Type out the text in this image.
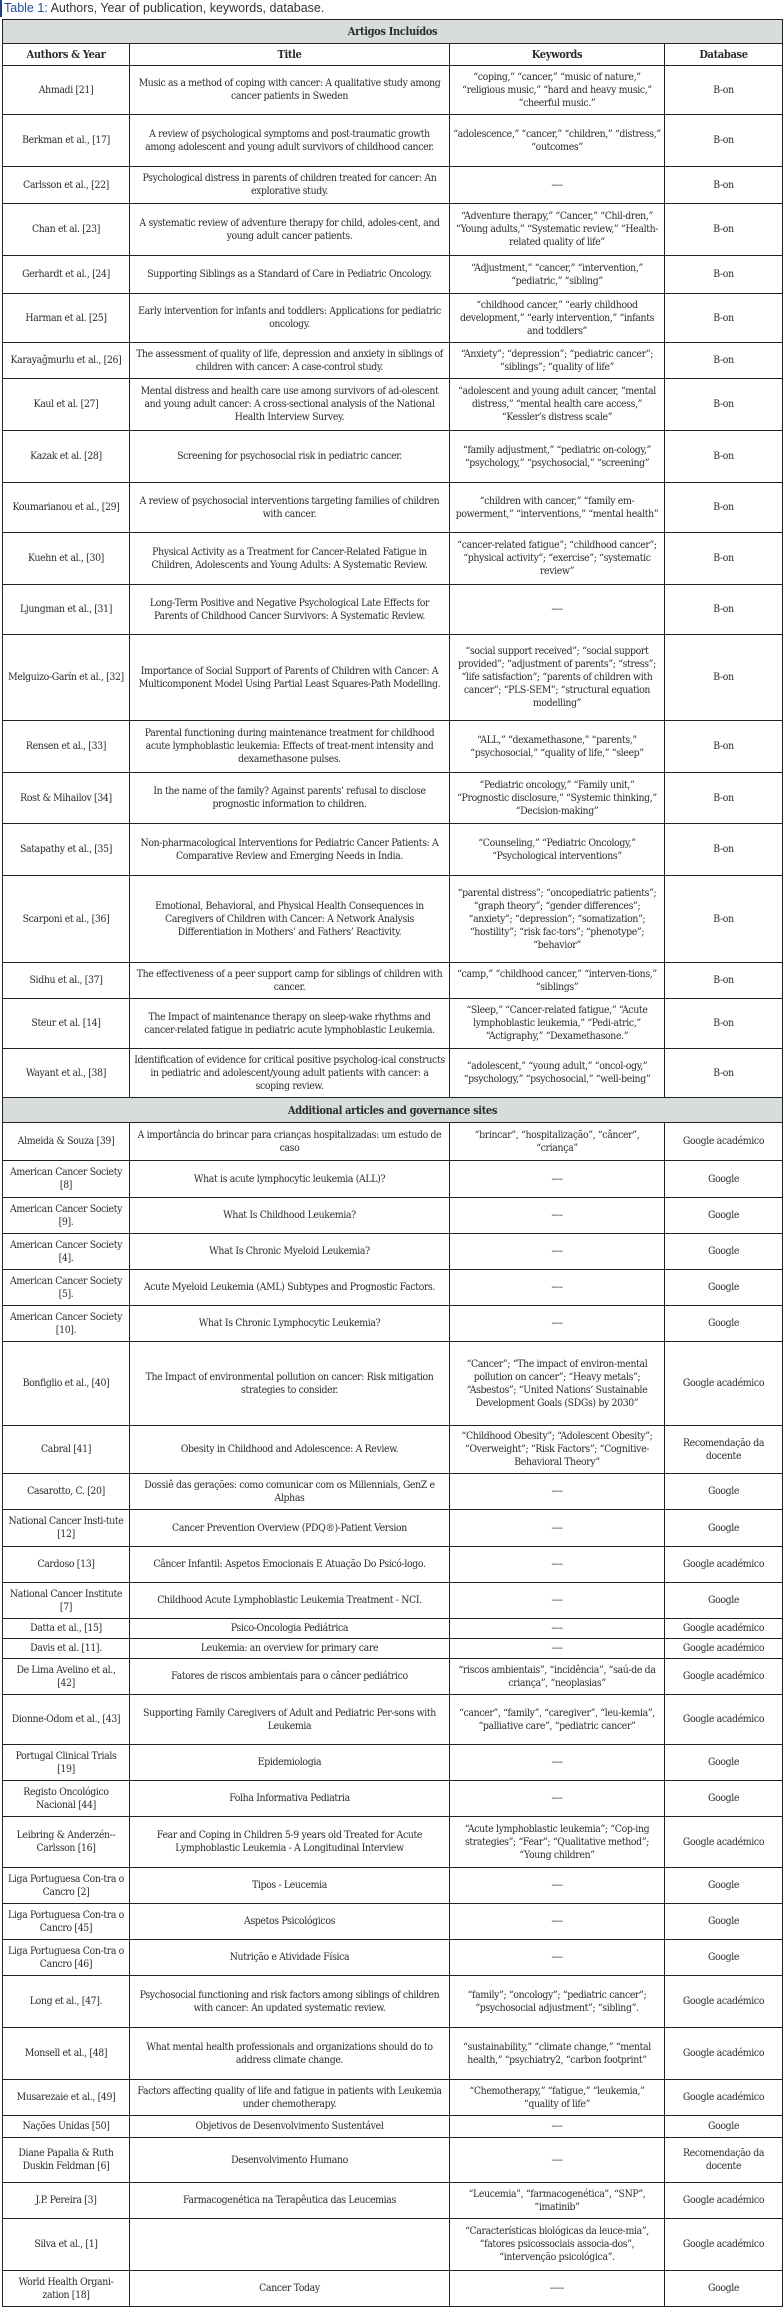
Table 1: Authors, Year of publication, keywords, database.
Artigos Incluídos			
Authors & Year	Title	Keywords	Database
Ahmadi [21]	Music as a method of coping with cancer: A qualitative study among cancer patients in Sweden	“coping,” “cancer,” “music of nature,” “religious music,” “hard and heavy music,” “cheerful music.”	B-on
Berkman et al., [17]	A review of psychological symptoms and post-traumatic growth among adolescent and young adult survivors of childhood cancer.	“adolescence,” “cancer,” “children,” “distress,” “outcomes”	B-on
Carlsson et al., [22]	Psychological distress in parents of children treated for cancer: An explorative study.	----	B-on
Chan et al. [23]	A systematic review of adventure therapy for child, adoles-cent, and young adult cancer patients.	“Adventure therapy,” “Cancer,” “Chil-dren,” “Young adults,” “Systematic review,” “Health-related quality of life”	B-on
Gerhardt et al., [24]	Supporting Siblings as a Standard of Care in Pediatric Oncology.	“Adjustment,” “cancer,” “intervention,” “pediatric,” “sibling”	B-on
Harman et al. [25]	Early intervention for infants and toddlers: Applications for pediatric oncology.	“childhood cancer,” “early childhood development,” “early intervention,” “infants and toddlers”	B-on
Karayağmurlu et al., [26]	The assessment of quality of life, depression and anxiety in siblings of children with cancer: A case-control study.	“Anxiety”; “depression”; “pediatric cancer”; “siblings”; “quality of life”	B-on
Kaul et al. [27]	Mental distress and health care use among survivors of ad-olescent and young adult cancer: A cross-sectional analysis of the National Health Interview Survey.	“adolescent and young adult cancer, “mental distress,” “mental health care access,” “Kessler’s distress scale”	B-on
Kazak et al. [28]	Screening for psychosocial risk in pediatric cancer.	“family adjustment,” “pediatric on-cology,” “psychology,” “psychosocial,” “screening”	B-on
Koumarianou et al., [29]	A review of psychosocial interventions targeting families of children with cancer.	“children with cancer,” “family em-powerment,” “interventions,” “mental health”	B-on
Kuehn et al., [30]	Physical Activity as a Treatment for Cancer-Related Fatigue in Children, Adolescents and Young Adults: A Systematic Review.	“cancer-related fatigue”; “childhood cancer”; “physical activity”; “exercise”; “systematic review”	B-on
Ljungman et al., [31]	Long-Term Positive and Negative Psychological Late Effects for Parents of Childhood Cancer Survivors: A Systematic Review.	----	B-on
Melguizo-Garín et al., [32]	Importance of Social Support of Parents of Children with Cancer: A Multicomponent Model Using Partial Least Squares-Path Modelling.	“social support received”; “social support provided”; “adjustment of parents”; “stress”; “life satisfaction”; “parents of children with cancer”; “PLS-SEM”; “structural equation modelling”	B-on
Rensen et al., [33]	Parental functioning during maintenance treatment for childhood acute lymphoblastic leukemia: Effects of treat-ment intensity and dexamethasone pulses.	“ALL,” “dexamethasone,” “parents,” “psychosocial,” “quality of life,” “sleep”	B-on
Rost & Mihailov [34]	In the name of the family? Against parents’ refusal to disclose prognostic information to children.	“Pediatric oncology,” “Family unit,” “Prognostic disclosure,” “Systemic thinking,” “Decision-making”	B-on
Satapathy et al., [35]	Non-pharmacological Interventions for Pediatric Cancer Patients: A Comparative Review and Emerging Needs in India.	“Counseling,” “Pediatric Oncology,” “Psychological interventions”	B-on
Scarponi et al., [36]	Emotional, Behavioral, and Physical Health Consequences in Caregivers of Children with Cancer: A Network Analysis Differentiation in Mothers’ and Fathers’ Reactivity.	“parental distress”; “oncopediatric patients”; “graph theory”; “gender differences”; “anxiety”; “depression”; “somatization”; “hostility”; “risk fac-tors”; “phenotype”; “behavior”	B-on
Sidhu et al., [37]	The effectiveness of a peer support camp for siblings of children with cancer.	“camp,” “childhood cancer,” “interven-tions,” “siblings”	B-on
Steur et al. [14]	The Impact of maintenance therapy on sleep-wake rhythms and cancer-related fatigue in pediatric acute lymphoblastic Leukemia.	“Sleep,” “Cancer-related fatigue,” “Acute lymphoblastic leukemia,” “Pedi-atric,” “Actigraphy,” “Dexamethasone.”	B-on
Wayant et al., [38]	Identification of evidence for critical positive psycholog-ical constructs in pediatric and adolescent/young adult patients with cancer: a scoping review.	“adolescent,” “young adult,” “oncol-ogy,” “psychology,” “psychosocial,” “well-being”	B-on
Additional articles and governance sites			
Almeida & Souza [39]	A importância do brincar para crianças hospitalizadas: um estudo de caso	“brincar”, “hospitalização”, “câncer”, “criança”	Google académico
American Cancer Society [8]	What is acute lymphocytic leukemia (ALL)?	----	Google
American Cancer Society [9].	What Is Childhood Leukemia?	----	Google
American Cancer Society [4].	What Is Chronic Myeloid Leukemia?	----	Google
American Cancer Society [5].	Acute Myeloid Leukemia (AML) Subtypes and Prognostic Factors.	----	Google
American Cancer Society [10].	What Is Chronic Lymphocytic Leukemia?	----	Google
Bonfiglio et al., [40]	The Impact of environmental pollution on cancer: Risk mitigation strategies to consider.	“Cancer”; “The impact of environ-mental pollution on cancer”; “Heavy metals”; “Asbestos”; “United Nations’ Sustainable Development Goals (SDGs) by 2030”	Google académico
Cabral [41]	Obesity in Childhood and Adolescence: A Review.	“Childhood Obesity”; “Adolescent Obesity”; “Overweight”; “Risk Factors”; “Cognitive-Behavioral Theory”	Recomendação da docente
Casarotto, C. [20]	Dossiê das gerações: como comunicar com os Millennials, GenZ e Alphas	----	Google
National Cancer Insti-tute [12]	Cancer Prevention Overview (PDQ®)-Patient Version	----	Google
Cardoso [13]	Câncer Infantil: Aspetos Emocionais E Atuação Do Psicó-logo.	----	Google académico
National Cancer Institute [7]	Childhood Acute Lymphoblastic Leukemia Treatment - NCI.	----	Google
Datta et al., [15]	Psico-Oncologia Pediátrica	----	Google académico
Davis et al. [11].	Leukemia: an overview for primary care	----	Google académico
De Lima Avelino et al., [42]	Fatores de riscos ambientais para o câncer pediátrico	“riscos ambientais”, “incidência”, “saú-de da criança”, “neoplasias”	Google académico
Dionne-Odom et al., [43]	Supporting Family Caregivers of Adult and Pediatric Per-sons with Leukemia	“cancer”, “family”, “caregiver”, “leu-kemia”, “palliative care”, “pediatric cancer”	Google académico
Portugal Clinical Trials [19]	Epidemiologia	----	Google
Registo Oncológico Nacional [44]	Folha Informativa Pediatria	----	Google
Leibring & Anderzén--Carlsson [16]	Fear and Coping in Children 5-9 years old Treated for Acute Lymphoblastic Leukemia - A Longitudinal Interview	“Acute lymphoblastic leukemia”; “Cop-ing strategies”; “Fear”; “Qualitative method”; “Young children”	Google académico
Liga Portuguesa Con-tra o Cancro [2]	Tipos - Leucemia	----	Google
Liga Portuguesa Con-tra o Cancro [45]	Aspetos Psicológicos	----	Google
Liga Portuguesa Con-tra o Cancro [46]	Nutrição e Atividade Física	----	Google
Long et al., [47].	Psychosocial functioning and risk factors among siblings of children with cancer: An updated systematic review.	“family”; “oncology”; “pediatric cancer”; “psychosocial adjustment”; “sibling”.	Google académico
Monsell et al., [48]	What mental health professionals and organizations should do to address climate change.	“sustainability,” “climate change,” “mental health,” “psychiatry2, “carbon footprint”	Google académico
Musarezaie et al., [49]	Factors affecting quality of life and fatigue in patients with Leukemia under chemotherapy.	“Chemotherapy,” “fatigue,” “leukemia,” “quality of life”	Google académico
Nações Unidas [50]	Objetivos de Desenvolvimento Sustentável	----	Google
Diane Papalia & Ruth Duskin Feldman [6]	Desenvolvimento Humano	----	Recomendação da docente
J.P. Pereira [3]	Farmacogenética na Terapêutica das Leucemias	“Leucemia”, “farmacogenética”, “SNP”, “imatinib”	Google académico
Silva et al., [1]		“Características biológicas da leuce-mia”, “fatores psicossociais associa-dos”, “intervenção psicológica”.	Google académico
World Health Organi-zation [18]	Cancer Today	-----	Google
